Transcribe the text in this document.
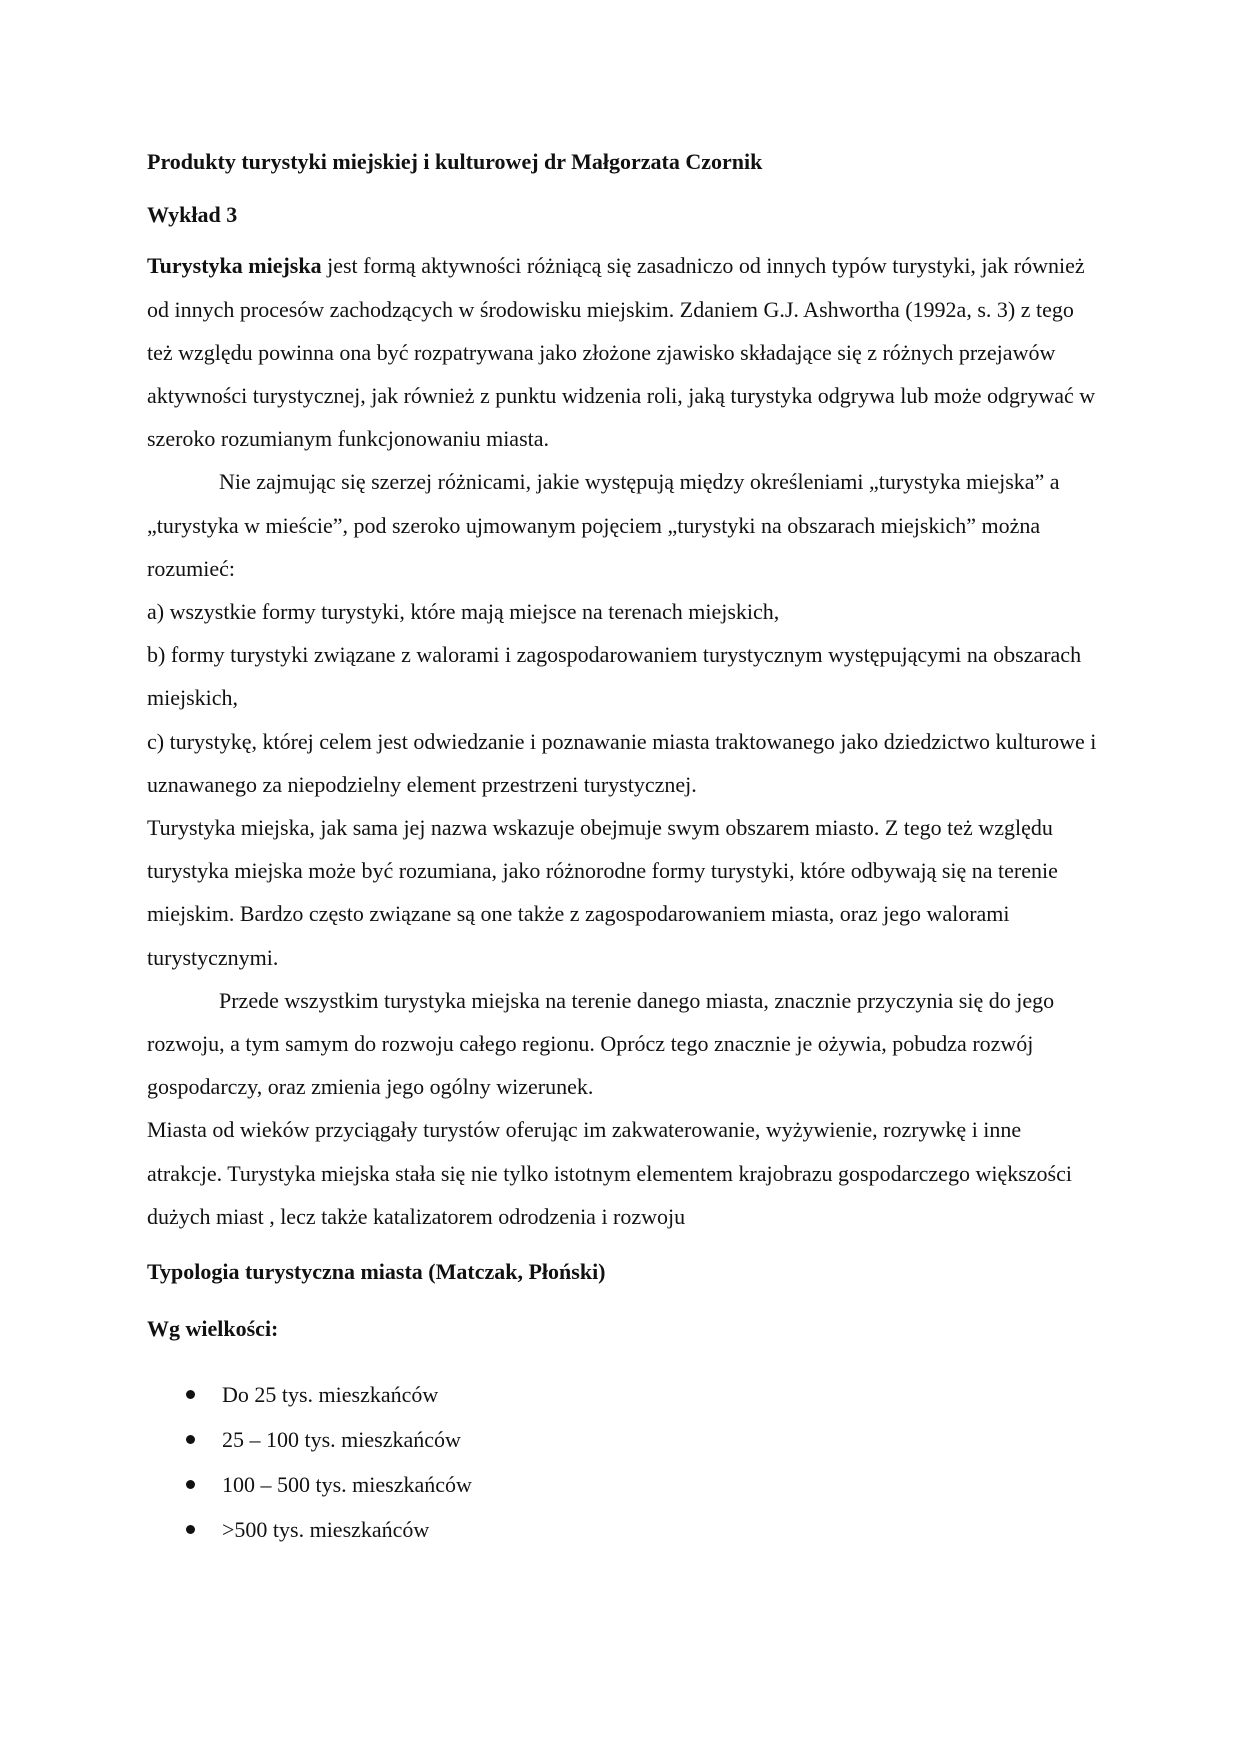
Produkty turystyki miejskiej i kulturowej dr Małgorzata Czornik

Wykład 3

Turystyka miejska jest formą aktywności różniącą się zasadniczo od innych typów turystyki, jak również od innych procesów zachodzących w środowisku miejskim. Zdaniem G.J. Ashwortha (1992a, s. 3) z tego też względu powinna ona być rozpatrywana jako złożone zjawisko składające się z różnych przejawów aktywności turystycznej, jak również z punktu widzenia roli, jaką turystyka odgrywa lub może odgrywać w szeroko rozumianym funkcjonowaniu miasta.

Nie zajmując się szerzej różnicami, jakie występują między określeniami „turystyka miejska” a „turystyka w mieście”, pod szeroko ujmowanym pojęciem „turystyki na obszarach miejskich” można rozumieć:

a) wszystkie formy turystyki, które mają miejsce na terenach miejskich,

b) formy turystyki związane z walorami i zagospodarowaniem turystycznym występującymi na obszarach miejskich,

c) turystykę, której celem jest odwiedzanie i poznawanie miasta traktowanego jako dziedzictwo kulturowe i uznawanego za niepodzielny element przestrzeni turystycznej.

Turystyka miejska, jak sama jej nazwa wskazuje obejmuje swym obszarem miasto. Z tego też względu turystyka miejska może być rozumiana, jako różnorodne formy turystyki, które odbywają się na terenie miejskim. Bardzo często związane są one także z zagospodarowaniem miasta, oraz jego walorami turystycznymi.

Przede wszystkim turystyka miejska na terenie danego miasta, znacznie przyczynia się do jego rozwoju, a tym samym do rozwoju całego regionu. Oprócz tego znacznie je ożywia, pobudza rozwój gospodarczy, oraz zmienia jego ogólny wizerunek.

Miasta od wieków przyciągały turystów oferując im zakwaterowanie, wyżywienie, rozrywkę i inne atrakcje. Turystyka miejska stała się nie tylko istotnym elementem krajobrazu gospodarczego większości dużych miast , lecz także katalizatorem odrodzenia i rozwoju

Typologia turystyczna miasta (Matczak, Płoński)

Wg wielkości:

Do 25 tys. mieszkańców
25 – 100 tys. mieszkańców
100 – 500 tys. mieszkańców
>500 tys. mieszkańców
